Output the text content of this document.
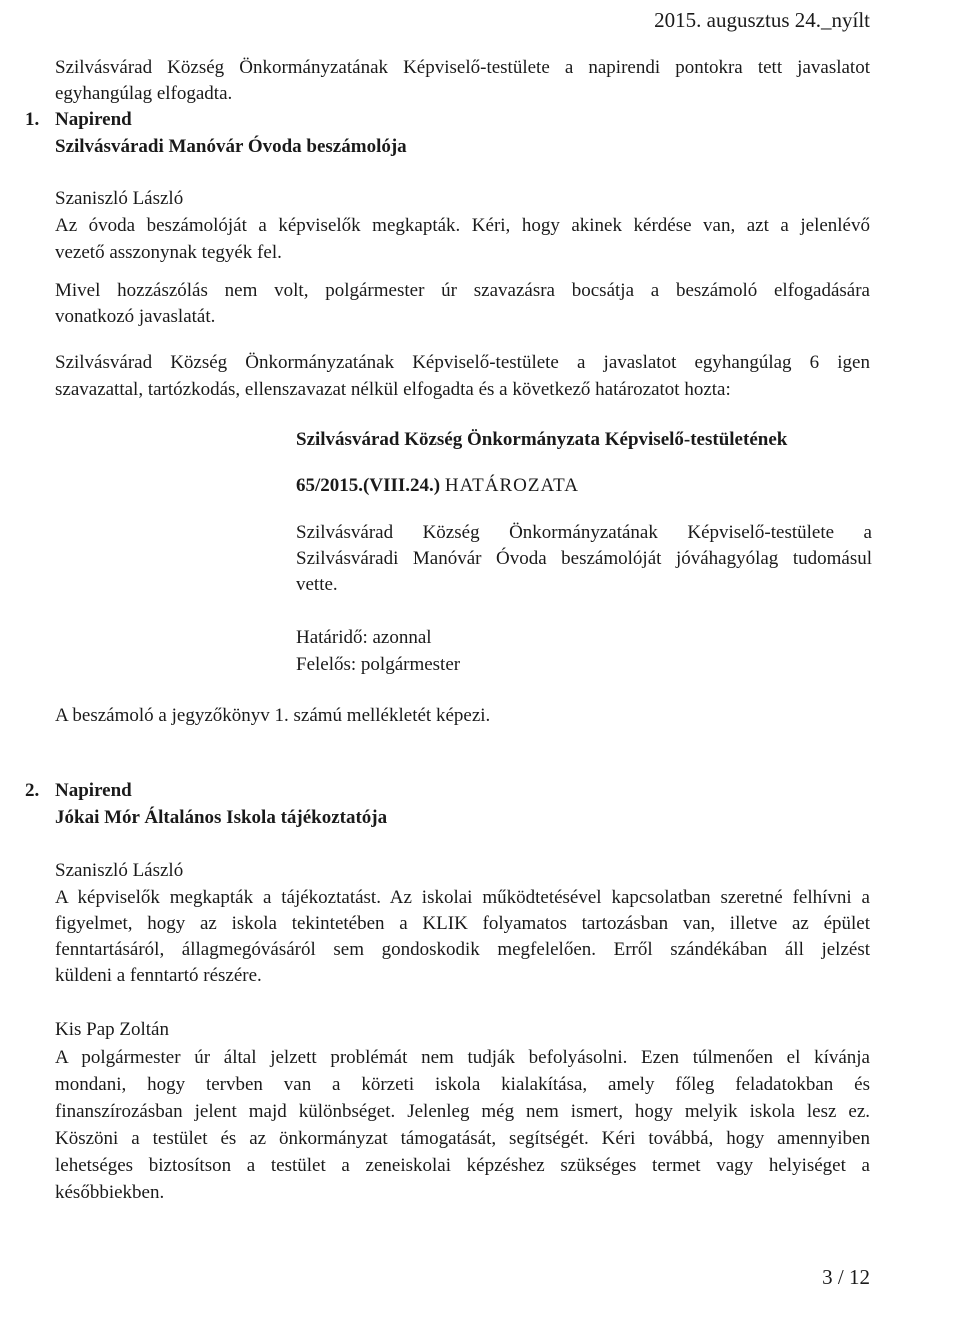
2015. augusztus 24._nyílt
Szilvásvárad Község Önkormányzatának Képviselő-testülete a napirendi pontokra tett javaslatot
egyhangúlag elfogadta.
1. Napirend
Szilvásváradi Manóvár Óvoda beszámolója
Szaniszló László
Az óvoda beszámolóját a képviselők megkapták. Kéri, hogy akinek kérdése van, azt a jelenlévő
vezető asszonynak tegyék fel.
Mivel hozzászólás nem volt, polgármester úr szavazásra bocsátja a beszámoló elfogadására
vonatkozó javaslatát.
Szilvásvárad Község Önkormányzatának Képviselő-testülete a javaslatot egyhangúlag 6 igen
szavazattal, tartózkodás, ellenszavazat nélkül elfogadta és a következő határozatot hozta:
Szilvásvárad Község Önkormányzata Képviselő-testületének
65/2015.(VIII.24.) HATÁROZATA
Szilvásvárad Község Önkormányzatának Képviselő-testülete a
Szilvásváradi Manóvár Óvoda beszámolóját jóváhagyólag tudomásul
vette.
Határidő: azonnal
Felelős: polgármester
A beszámoló a jegyzőkönyv 1. számú mellékletét képezi.
2. Napirend
Jókai Mór Általános Iskola tájékoztatója
Szaniszló László
A képviselők megkapták a tájékoztatást. Az iskolai működtetésével kapcsolatban szeretné felhívni a
figyelmet, hogy az iskola tekintetében a KLIK folyamatos tartozásban van, illetve az épület
fenntartásáról, állagmegóvásáról sem gondoskodik megfelelően. Erről szándékában áll jelzést
küldeni a fenntartó részére.
Kis Pap Zoltán
A polgármester úr által jelzett problémát nem tudják befolyásolni. Ezen túlmenően el kívánja
mondani, hogy tervben van a körzeti iskola kialakítása, amely főleg feladatokban és
finanszírozásban jelent majd különbséget. Jelenleg még nem ismert, hogy melyik iskola lesz ez.
Köszöni a testület és az önkormányzat támogatását, segítségét. Kéri továbbá, hogy amennyiben
lehetséges biztosítson a testület a zeneiskolai képzéshez szükséges termet vagy helyiséget a
későbbiekben.
3 / 12
